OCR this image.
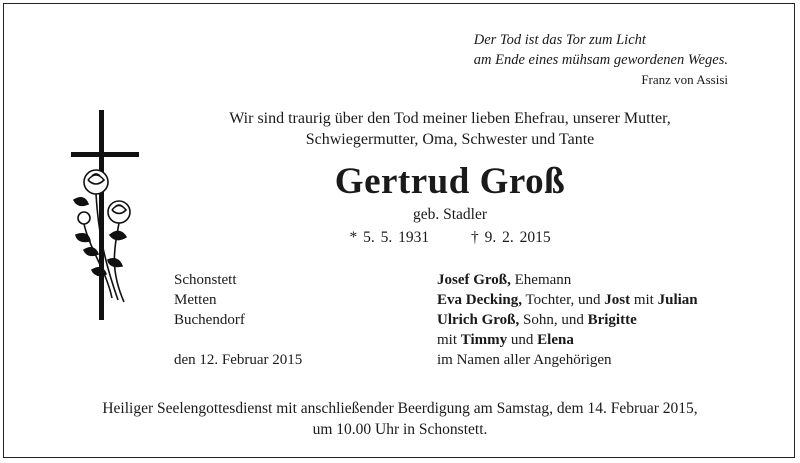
Der Tod ist das Tor zum Licht
am Ende eines mühsam gewordenen Weges.
Franz von Assisi
Wir sind traurig über den Tod meiner lieben Ehefrau, unserer Mutter,
Schwiegermutter, Oma, Schwester und Tante
Gertrud Groß
geb. Stadler
* 5. 5. 1931	† 9. 2. 2015
Schonstett
Metten
Buchendorf
den 12. Februar 2015
Josef Groß, Ehemann
Eva Decking, Tochter, und Jost mit Julian
Ulrich Groß, Sohn, und Brigitte
mit Timmy und Elena
im Namen aller Angehörigen
Heiliger Seelengottesdienst mit anschließender Beerdigung am Samstag, dem 14. Februar 2015,
um 10.00 Uhr in Schonstett.
